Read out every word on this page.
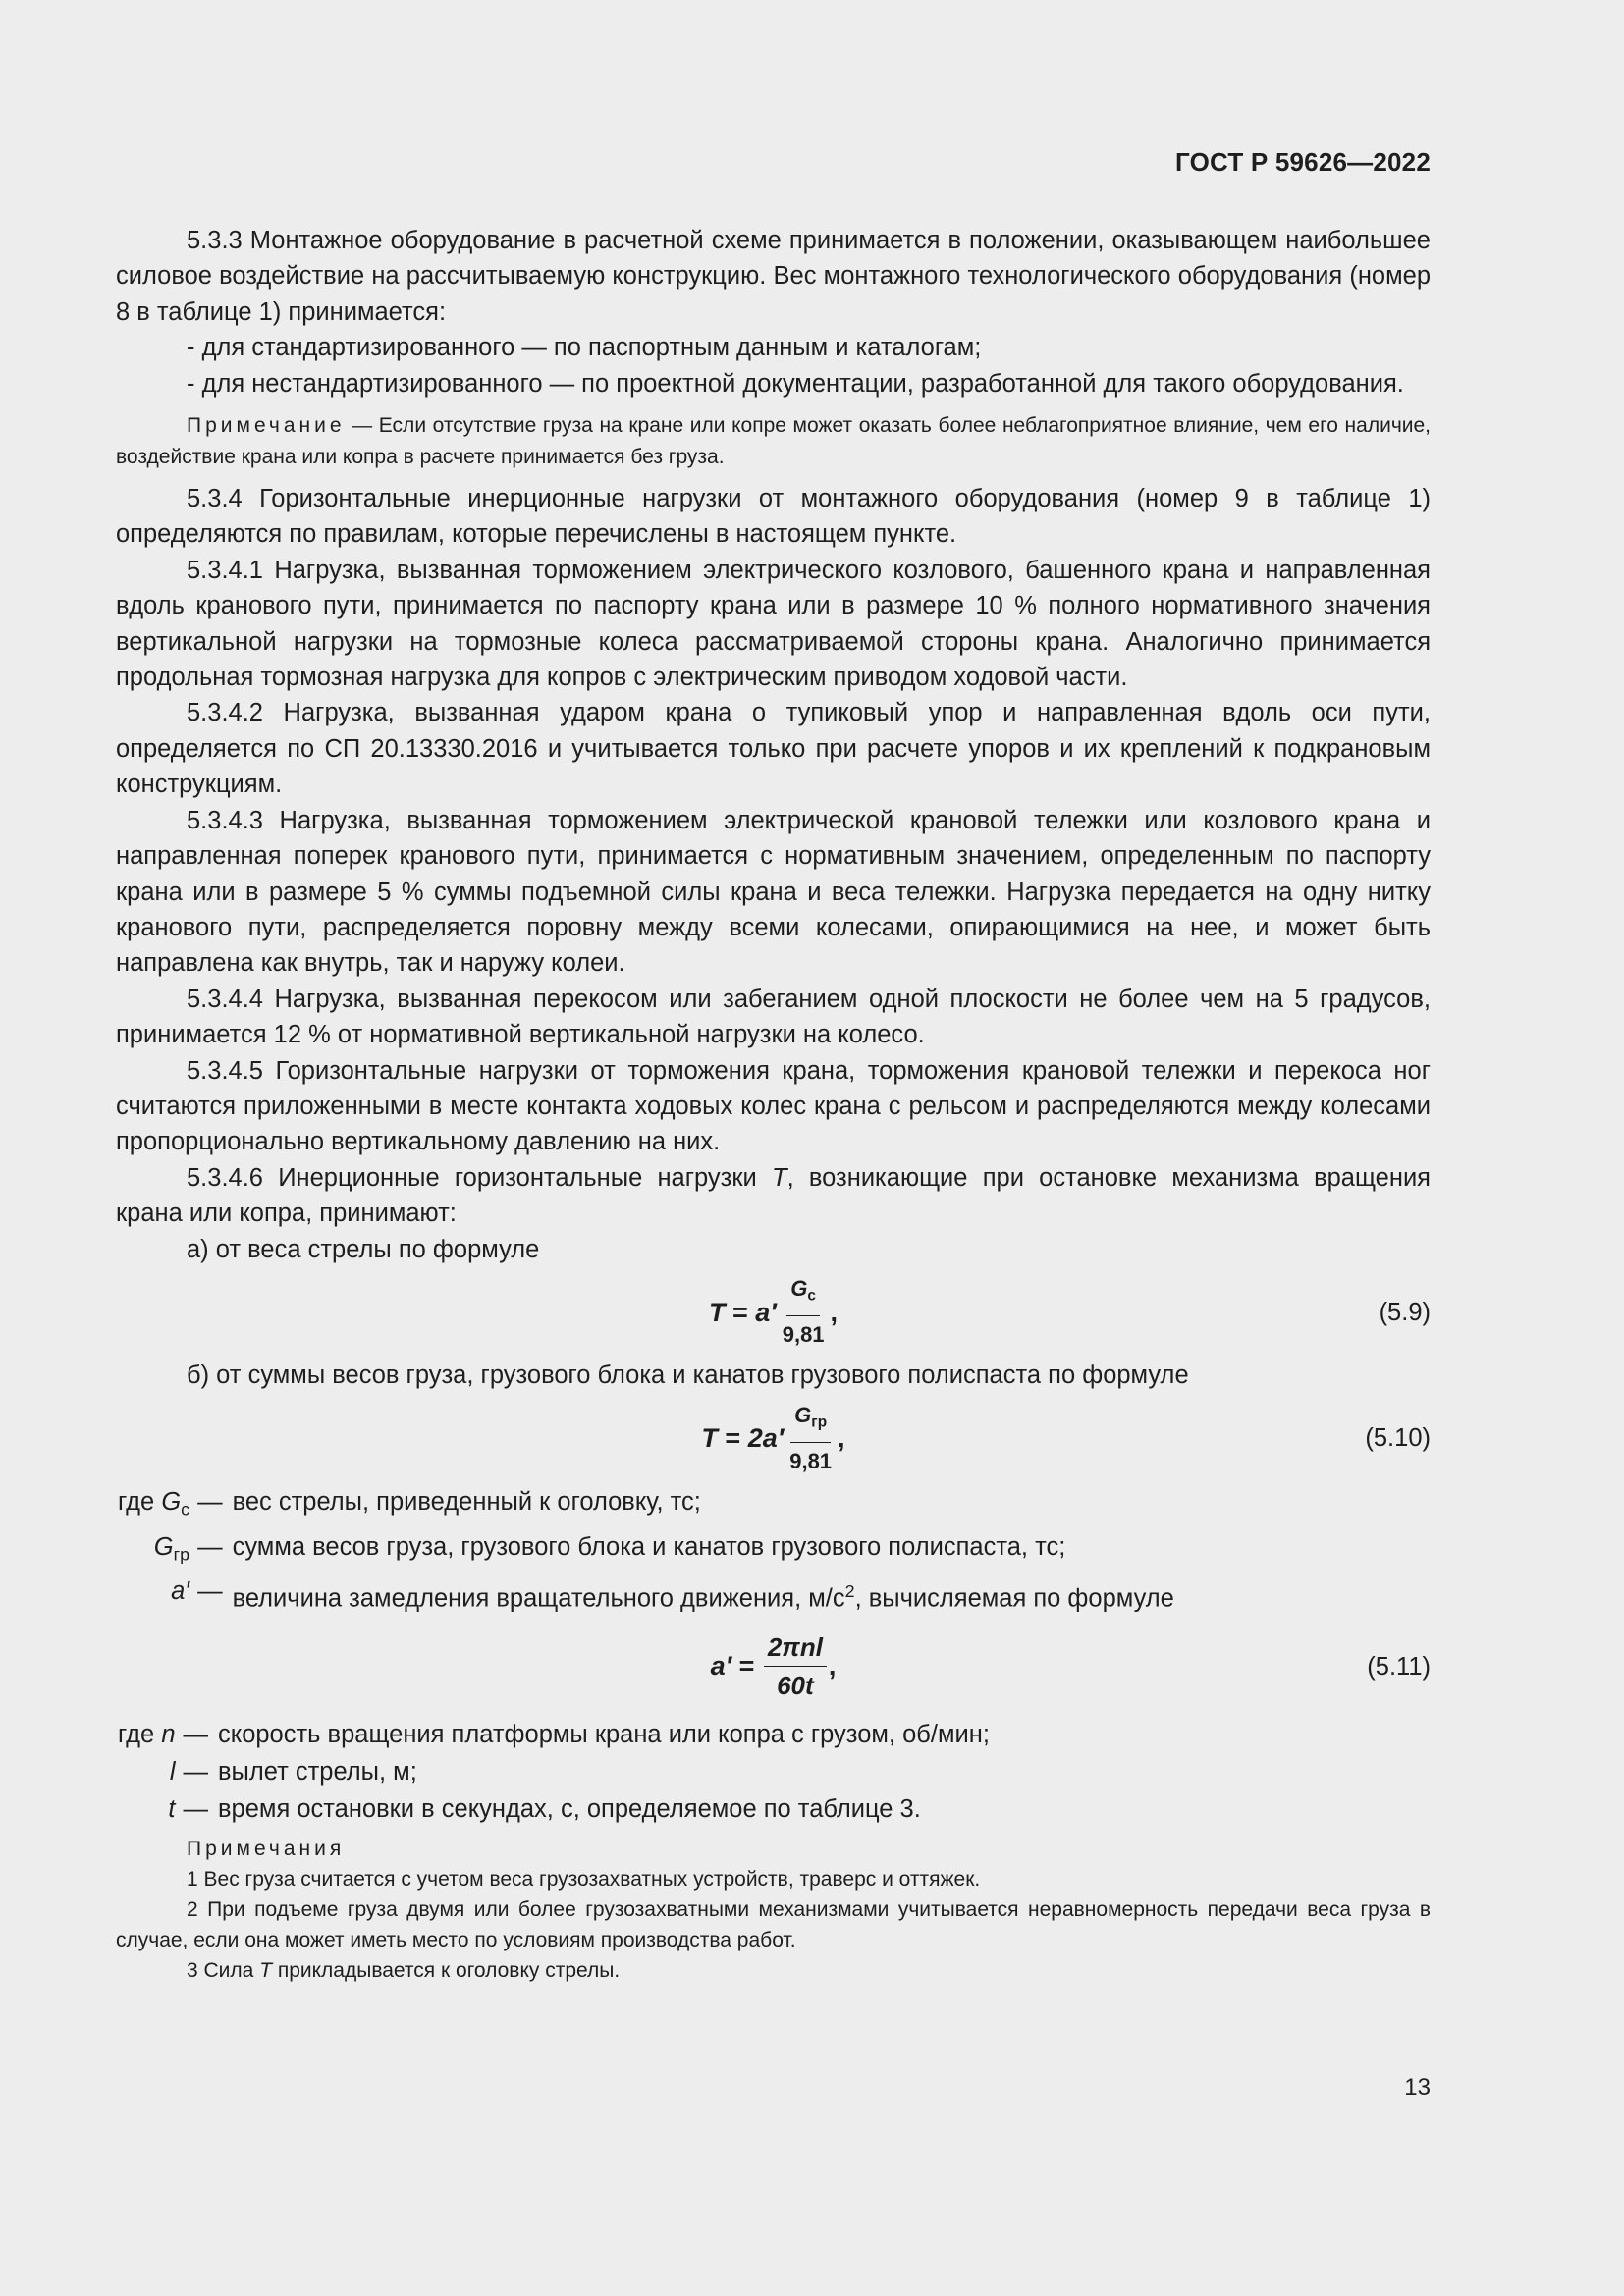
ГОСТ Р 59626—2022

5.3.3 Монтажное оборудование в расчетной схеме принимается в положении, оказывающем наибольшее силовое воздействие на рассчитываемую конструкцию. Вес монтажного технологического оборудования (номер 8 в таблице 1) принимается:

- для стандартизированного — по паспортным данным и каталогам;

- для нестандартизированного — по проектной документации, разработанной для такого оборудования.

Примечание — Если отсутствие груза на кране или копре может оказать более неблагоприятное влияние, чем его наличие, воздействие крана или копра в расчете принимается без груза.

5.3.4 Горизонтальные инерционные нагрузки от монтажного оборудования (номер 9 в таблице 1) определяются по правилам, которые перечислены в настоящем пункте.

5.3.4.1 Нагрузка, вызванная торможением электрического козлового, башенного крана и направленная вдоль кранового пути, принимается по паспорту крана или в размере 10 % полного нормативного значения вертикальной нагрузки на тормозные колеса рассматриваемой стороны крана. Аналогично принимается продольная тормозная нагрузка для копров с электрическим приводом ходовой части.

5.3.4.2 Нагрузка, вызванная ударом крана о тупиковый упор и направленная вдоль оси пути, определяется по СП 20.13330.2016 и учитывается только при расчете упоров и их креплений к подкрановым конструкциям.

5.3.4.3 Нагрузка, вызванная торможением электрической крановой тележки или козлового крана и направленная поперек кранового пути, принимается с нормативным значением, определенным по паспорту крана или в размере 5 % суммы подъемной силы крана и веса тележки. Нагрузка передается на одну нитку кранового пути, распределяется поровну между всеми колесами, опирающимися на нее, и может быть направлена как внутрь, так и наружу колеи.

5.3.4.4 Нагрузка, вызванная перекосом или забеганием одной плоскости не более чем на 5 градусов, принимается 12 % от нормативной вертикальной нагрузки на колесо.

5.3.4.5 Горизонтальные нагрузки от торможения крана, торможения крановой тележки и перекоса ног считаются приложенными в месте контакта ходовых колес крана с рельсом и распределяются между колесами пропорционально вертикальному давлению на них.

5.3.4.6 Инерционные горизонтальные нагрузки T, возникающие при остановке механизма вращения крана или копра, принимают:

а) от веса стрелы по формуле

$T = a' \frac{G_с}{9,81}$ ,	(5.9)

б) от суммы весов груза, грузового блока и канатов грузового полиспаста по формуле

$T = 2a' \frac{G_{гр}}{9,81}$ ,	(5.10)
где $G_с$	—	вес стрелы, приведенный к оголовку, тс;
$G_{гр}$	—	сумма весов груза, грузового блока и канатов грузового полиспаста, тс;
a′	—	величина замедления вращательного движения, $м/с^2$, вычисляемая по формуле
$a' = \frac{\text{2πnl}}{60t}$ ,	(5.11)
где n	—	скорость вращения платформы крана или копра с грузом, об/мин;
l	—	вылет стрелы, м;
t	—	время остановки в секундах, с, определяемое по таблице 3.

Примечания

1 Вес груза считается с учетом веса грузозахватных устройств, траверс и оттяжек.

2 При подъеме груза двумя или более грузозахватными механизмами учитывается неравномерность передачи веса груза в случае, если она может иметь место по условиям производства работ.

3 Сила T прикладывается к оголовку стрелы.

13
